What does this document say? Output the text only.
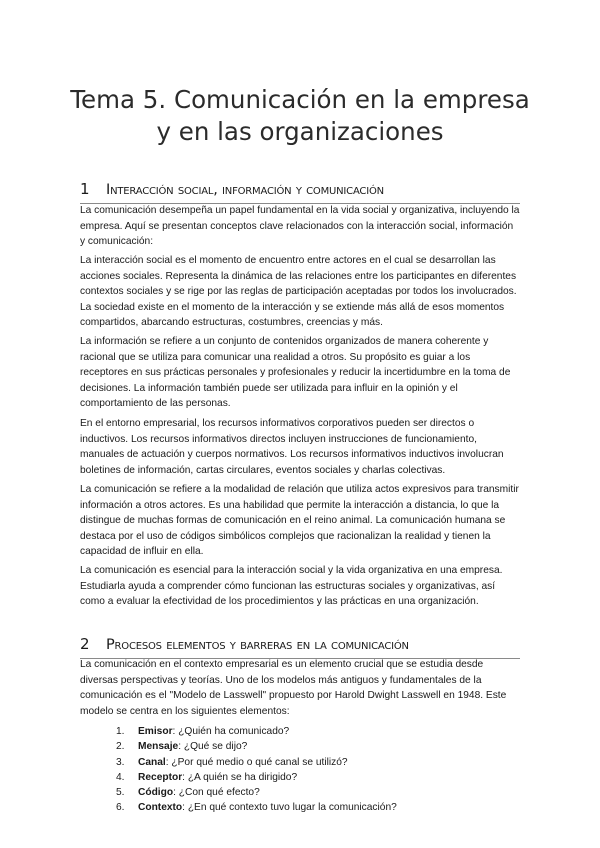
Tema 5. Comunicación en la empresa
y en las organizaciones
1 Interacción social, información y comunicación

La comunicación desempeña un papel fundamental en la vida social y organizativa, incluyendo la empresa. Aquí se presentan conceptos clave relacionados con la interacción social, información y comunicación:

La interacción social es el momento de encuentro entre actores en el cual se desarrollan las acciones sociales. Representa la dinámica de las relaciones entre los participantes en diferentes contextos sociales y se rige por las reglas de participación aceptadas por todos los involucrados. La sociedad existe en el momento de la interacción y se extiende más allá de esos momentos compartidos, abarcando estructuras, costumbres, creencias y más.

La información se refiere a un conjunto de contenidos organizados de manera coherente y racional que se utiliza para comunicar una realidad a otros. Su propósito es guiar a los receptores en sus prácticas personales y profesionales y reducir la incertidumbre en la toma de decisiones. La información también puede ser utilizada para influir en la opinión y el comportamiento de las personas.

En el entorno empresarial, los recursos informativos corporativos pueden ser directos o inductivos. Los recursos informativos directos incluyen instrucciones de funcionamiento, manuales de actuación y cuerpos normativos. Los recursos informativos inductivos involucran boletines de información, cartas circulares, eventos sociales y charlas colectivas.

La comunicación se refiere a la modalidad de relación que utiliza actos expresivos para transmitir información a otros actores. Es una habilidad que permite la interacción a distancia, lo que la distingue de muchas formas de comunicación en el reino animal. La comunicación humana se destaca por el uso de códigos simbólicos complejos que racionalizan la realidad y tienen la capacidad de influir en ella.

La comunicación es esencial para la interacción social y la vida organizativa en una empresa. Estudiarla ayuda a comprender cómo funcionan las estructuras sociales y organizativas, así como a evaluar la efectividad de los procedimientos y las prácticas en una organización.

2 Procesos elementos y barreras en la comunicación

La comunicación en el contexto empresarial es un elemento crucial que se estudia desde diversas perspectivas y teorías. Uno de los modelos más antiguos y fundamentales de la comunicación es el "Modelo de Lasswell" propuesto por Harold Dwight Lasswell en 1948. Este modelo se centra en los siguientes elementos:

1. Emisor: ¿Quién ha comunicado?
2. Mensaje: ¿Qué se dijo?
3. Canal: ¿Por qué medio o qué canal se utilizó?
4. Receptor: ¿A quién se ha dirigido?
5. Código: ¿Con qué efecto?
6. Contexto: ¿En qué contexto tuvo lugar la comunicación?
